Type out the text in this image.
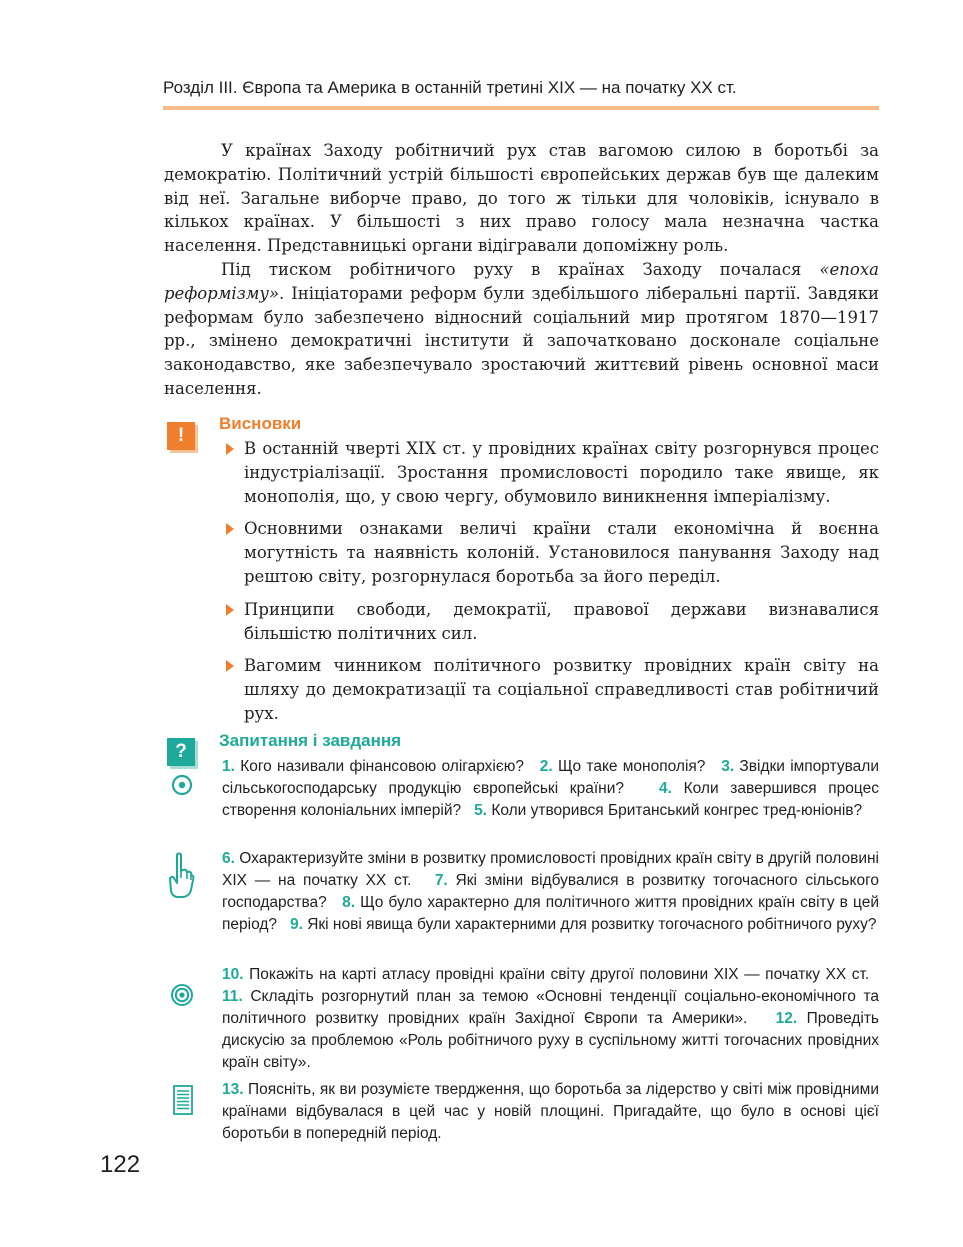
Розділ III. Європа та Америка в останній третині XIX — на початку XX ст.

У країнах Заходу робітничий рух став вагомою силою в боротьбі за демократію. Політичний устрій більшості європейських держав був ще далеким від неї. Загальне виборче право, до того ж тільки для чоловіків, існувало в кількох країнах. У більшості з них право голосу мала незначна частка населення. Представницькі органи відігравали допоміжну роль.

Під тиском робітничого руху в країнах Заходу почалася «епоха реформізму». Ініціаторами реформ були здебільшого ліберальні партії. Завдяки реформам було забезпечено відносний соціальний мир протягом 1870—1917 рр., змінено демократичні інститути й започатковано досконале соціальне законодавство, яке забезпечувало зростаючий життєвий рівень основної маси населення.

!
Висновки
В останній чверті XIX ст. у провідних країнах світу розгорнувся процес індустріалізації. Зростання промисловості породило таке явище, як монополія, що, у свою чергу, обумовило виникнення імперіалізму.
Основними ознаками величі країни стали економічна й воєнна могутність та наявність колоній. Установилося панування Заходу над рештою світу, розгорнулася боротьба за його переділ.
Принципи свободи, демократії, правової держави визнавалися більшістю політичних сил.
Вагомим чинником політичного розвитку провідних країн світу на шляху до демократизації та соціальної справедливості став робітничий рух.
?
Запитання і завдання

1. Кого називали фінансовою олігархією? 2. Що таке монополія? 3. Звідки імпортували сільськогосподарську продукцію європейські країни? 4. Коли завершився процес створення колоніальних імперій? 5. Коли утворився Британський конгрес тред-юніонів?

6. Охарактеризуйте зміни в розвитку промисловості провідних країн світу в другій половині XIX — на початку XX ст. 7. Які зміни відбувалися в розвитку тогочасного сільського господарства? 8. Що було характерно для політичного життя провідних країн світу в цей період? 9. Які нові явища були характерними для розвитку тогочасного робітничого руху?

10. Покажіть на карті атласу провідні країни світу другої половини XIX — початку XX ст.   11. Складіть розгорнутий план за темою «Основні тенденції соціально-економічного та політичного розвитку провідних країн Західної Європи та Америки». 12. Проведіть дискусію за проблемою «Роль робітничого руху в суспільному житті тогочасних провідних країн світу».

13. Поясніть, як ви розумієте твердження, що боротьба за лідерство у світі між провідними країнами відбувалася в цей час у новій площині. Пригадайте, що було в основі цієї боротьби в попередній період.

122
